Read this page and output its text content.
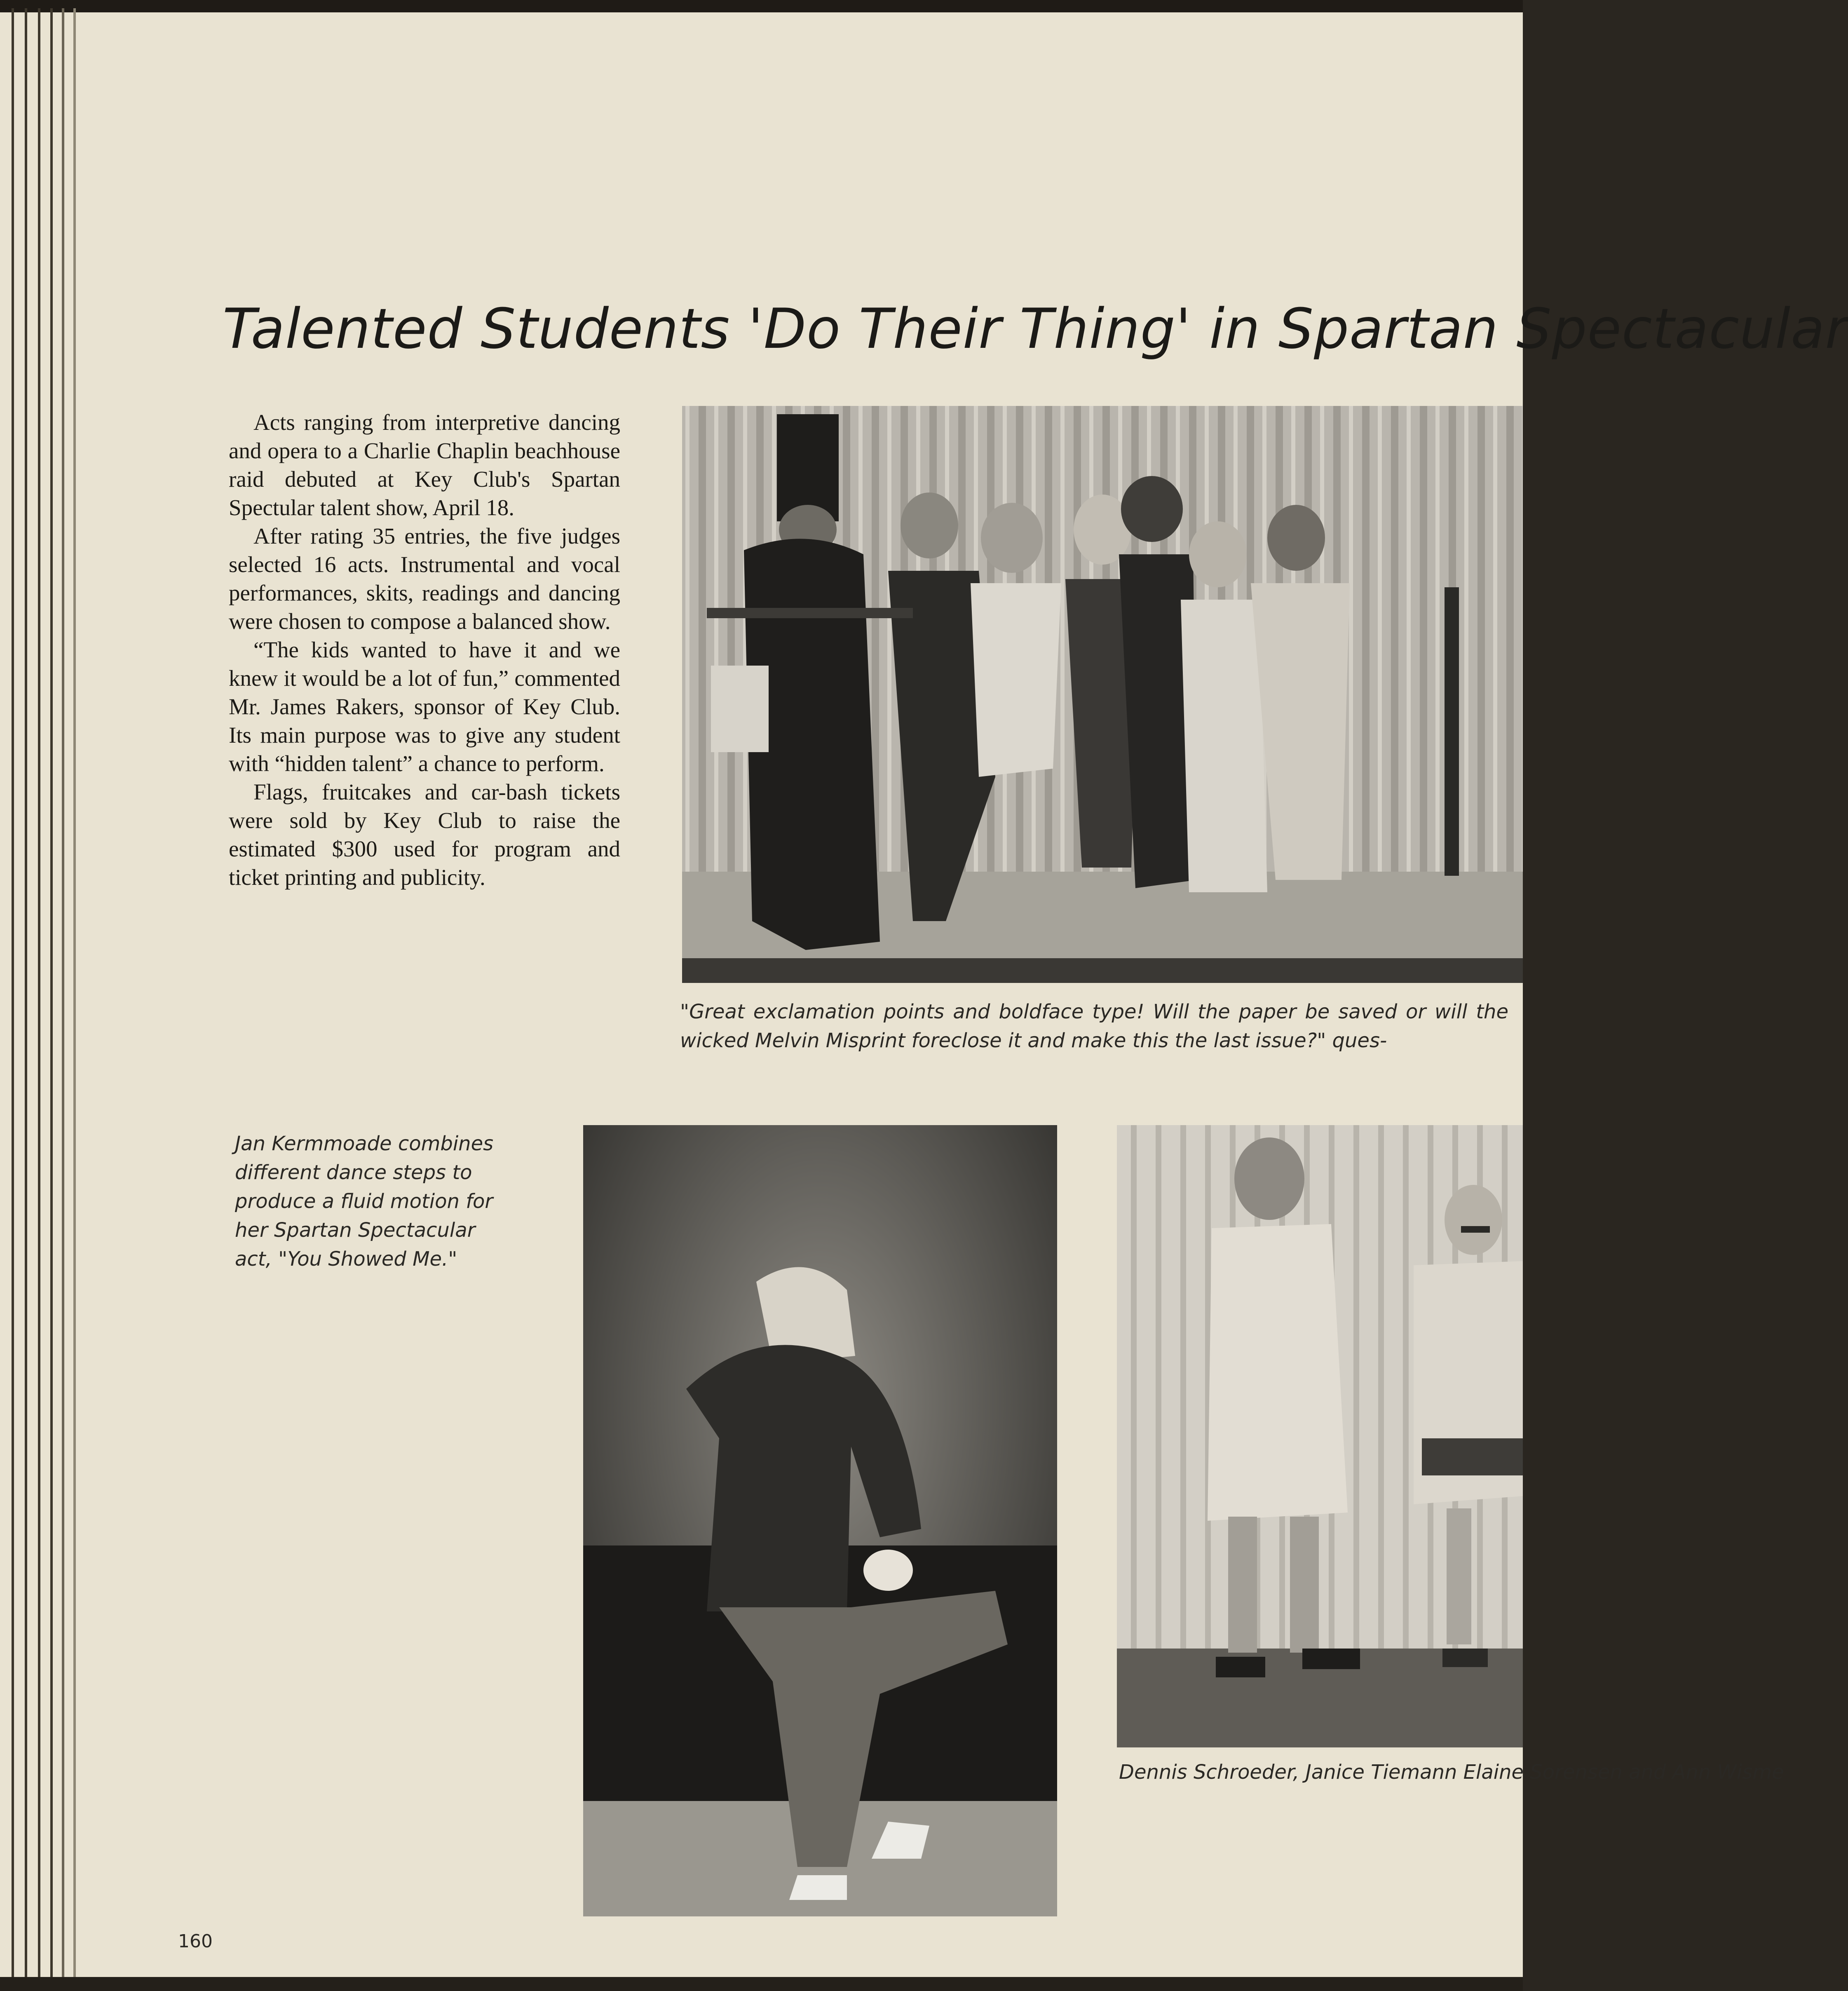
Talented Students 'Do Their Thing' in Spartan Spectacular

Acts ranging from interpretive dancing and opera to a Charlie Chaplin beachhouse raid debuted at Key Club's Spartan Spectular talent show, April 18.

After rating 35 entries, the five judges selected 16 acts. Instrumental and vocal performances, skits, readings and dancing were chosen to compose a balanced show.

“The kids wanted to have it and we knew it would be a lot of fun,” commented Mr. James Rakers, sponsor of Key Club. Its main purpose was to give any student with “hidden talent” a chance to perform.

Flags, fruitcakes and car-bash tickets were sold by Key Club to raise the estimated $300 used for program and ticket printing and publicity.

"Great exclamation points and boldface type! Will the paper be saved or will the wicked Melvin Misprint foreclose it and make this the last issue?" ques-
Jan Kermmoade combines different dance steps to produce a fluid motion for her Spartan Spectacular act, "You Showed Me."
Dennis Schroeder, Janice Tiemann Elaine Sorensen and Ann Wisme
160
